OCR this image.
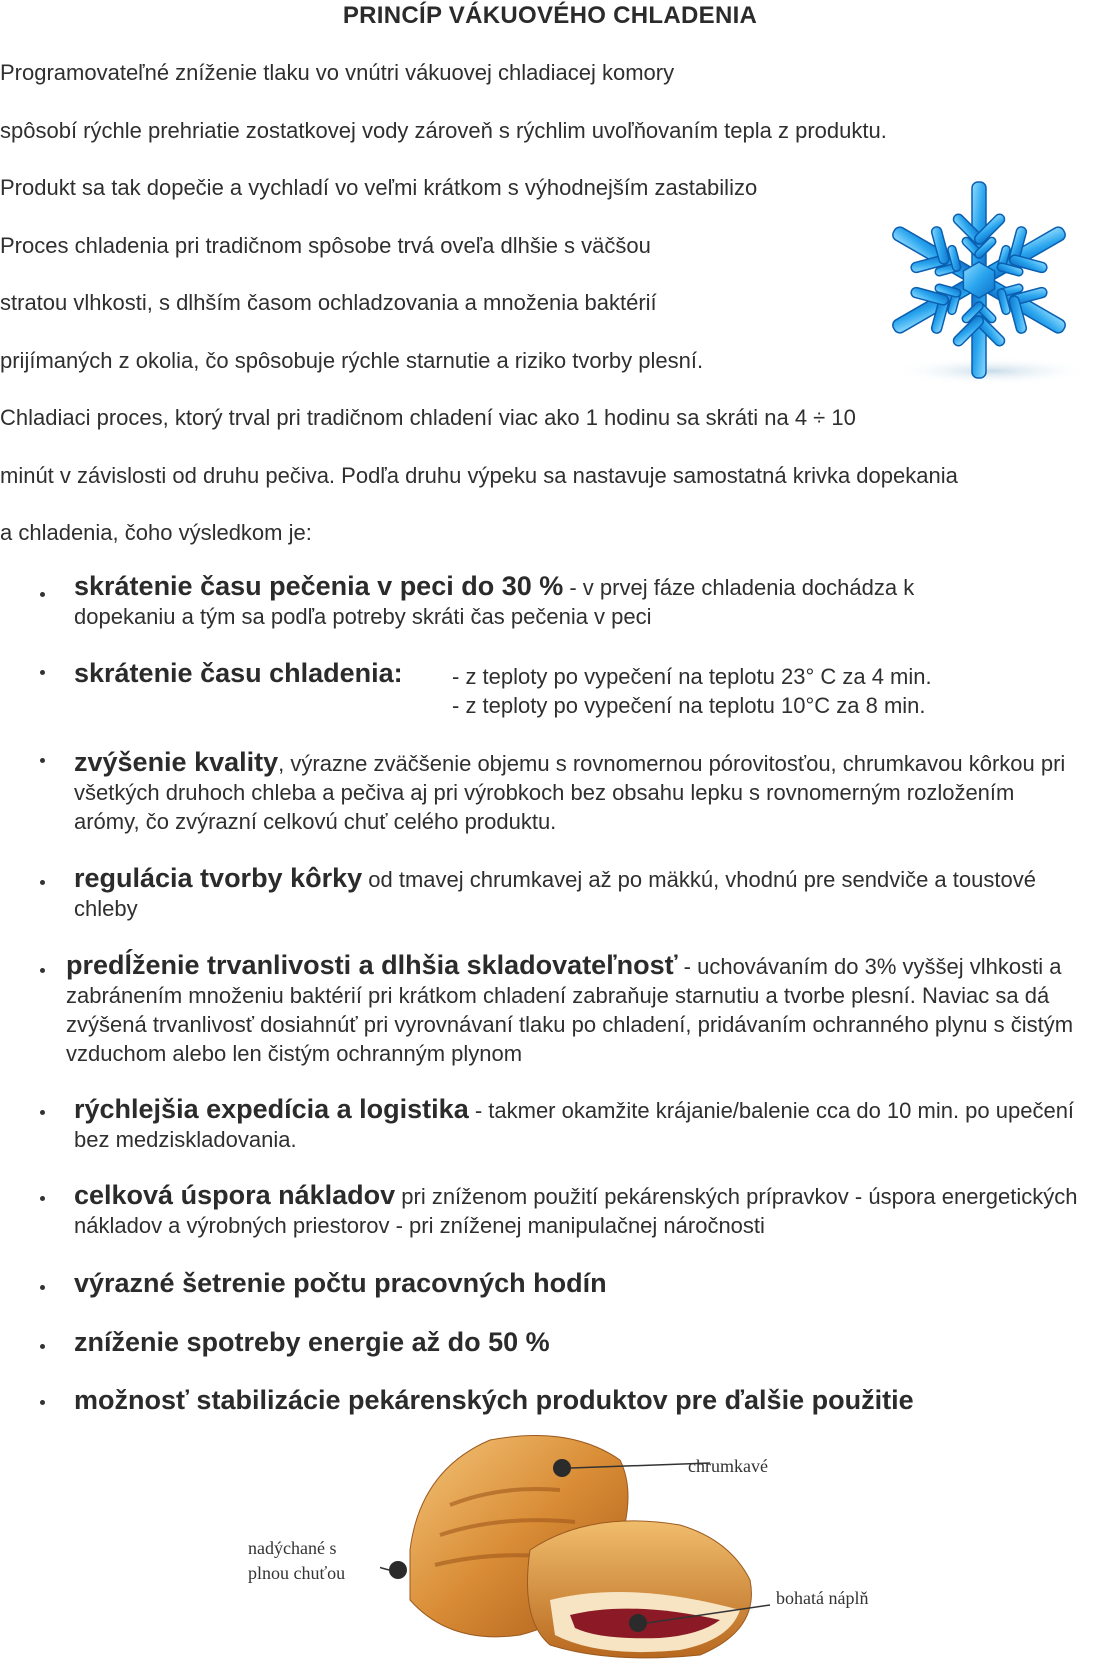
PRINCÍP VÁKUOVÉHO CHLADENIA

Programovateľné zníženie tlaku vo vnútri vákuovej chladiacej komory

spôsobí rýchle prehriatie zostatkovej vody zároveň s rýchlim uvoľňovaním tepla z produktu.

Produkt sa tak dopečie a vychladí vo veľmi krátkom s výhodnejším zastabilizo

Proces chladenia pri tradičnom spôsobe trvá oveľa dlhšie s väčšou

stratou vlhkosti, s dlhším časom ochladzovania a množenia baktérií

prijímaných z okolia, čo spôsobuje rýchle starnutie a riziko tvorby plesní.

Chladiaci proces, ktorý trval pri tradičnom chladení viac ako 1 hodinu sa skráti na 4 ÷ 10

minút v závislosti od druhu pečiva. Podľa druhu výpeku sa nastavuje samostatná krivka dopekania

a chladenia, čoho výsledkom je:

skrátenie času pečenia v peci do 30 % - v prvej fáze chladenia dochádza k dopekaniu a tým sa podľa potreby skráti čas pečenia v peci
skrátenie času chladenia: - z teploty po vypečení na teplotu 23° C za 4 min.
- z teploty po vypečení na teplotu 10°C za 8 min.
zvýšenie kvality, výrazne zväčšenie objemu s rovnomernou pórovitosťou, chrumkavou kôrkou pri všetkých druhoch chleba a pečiva aj pri výrobkoch bez obsahu lepku s rovnomerným rozložením arómy, čo zvýrazní celkovú chuť celého produktu.
regulácia tvorby kôrky od tmavej chrumkavej až po mäkkú, vhodnú pre sendviče a toustové chleby
predĺženie trvanlivosti a dlhšia skladovateľnosť - uchovávaním do 3% vyššej vlhkosti a zabránením množeniu baktérií pri krátkom chladení zabraňuje starnutiu a tvorbe plesní. Naviac sa dá zvýšená trvanlivosť dosiahnúť pri vyrovnávaní tlaku po chladení, pridávaním ochranného plynu s čistým vzduchom alebo len čistým ochranným plynom
rýchlejšia expedícia a logistika - takmer okamžite krájanie/balenie cca do 10 min. po upečení bez medziskladovania.
celková úspora nákladov pri zníženom použití pekárenských prípravkov - úspora energetických nákladov a výrobných priestorov - pri zníženej manipulačnej náročnosti
výrazné šetrenie počtu pracovných hodín
zníženie spotreby energie až do 50 %
možnosť stabilizácie pekárenských produktov pre ďalšie použitie
chrumkavé
nadýchané s
plnou chuťou
bohatá náplň
